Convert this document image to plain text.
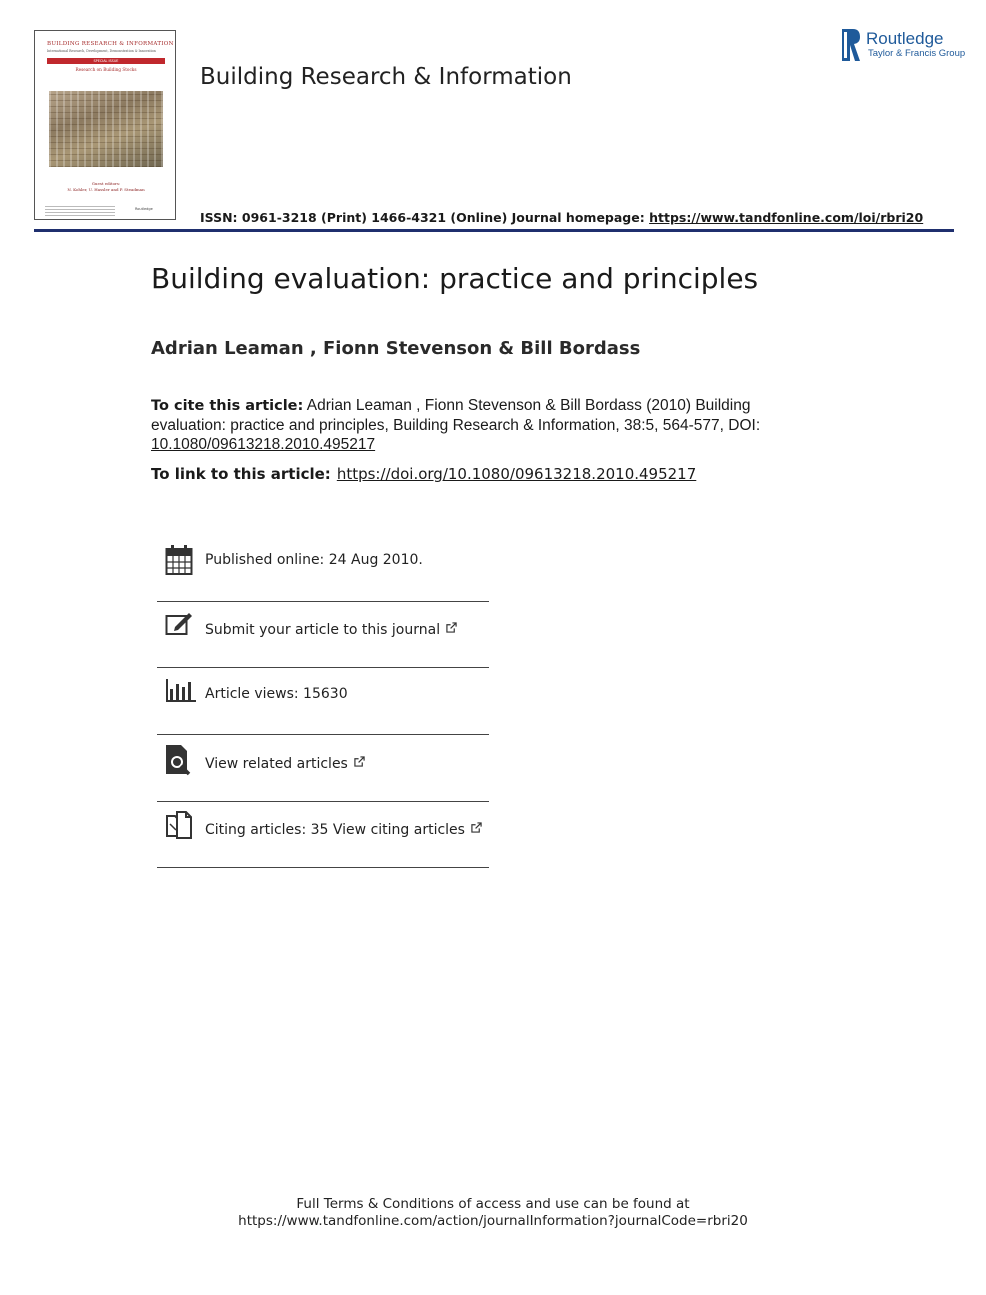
BUILDING RESEARCH & INFORMATION
International Research, Development, Demonstration & Innovation
SPECIAL ISSUE
Research on Building Stocks
Guest editors:
N. Kohler, U. Hassler and P. Steadman
Routledge
Building Research & Information
Routledge
Taylor & Francis Group
ISSN: 0961-3218 (Print) 1466-4321 (Online) Journal homepage: https://www.tandfonline.com/loi/rbri20
Building evaluation: practice and principles
Adrian Leaman , Fionn Stevenson & Bill Bordass
To cite this article: Adrian Leaman , Fionn Stevenson & Bill Bordass (2010) Building evaluation: practice and principles, Building Research & Information, 38:5, 564-577, DOI: 10.1080/09613218.2010.495217
To link to this article: https://doi.org/10.1080/09613218.2010.495217
Published online: 24 Aug 2010.
Submit your article to this journal
Article views: 15630
View related articles
Citing articles: 35 View citing articles
Full Terms & Conditions of access and use can be found at
https://www.tandfonline.com/action/journalInformation?journalCode=rbri20
